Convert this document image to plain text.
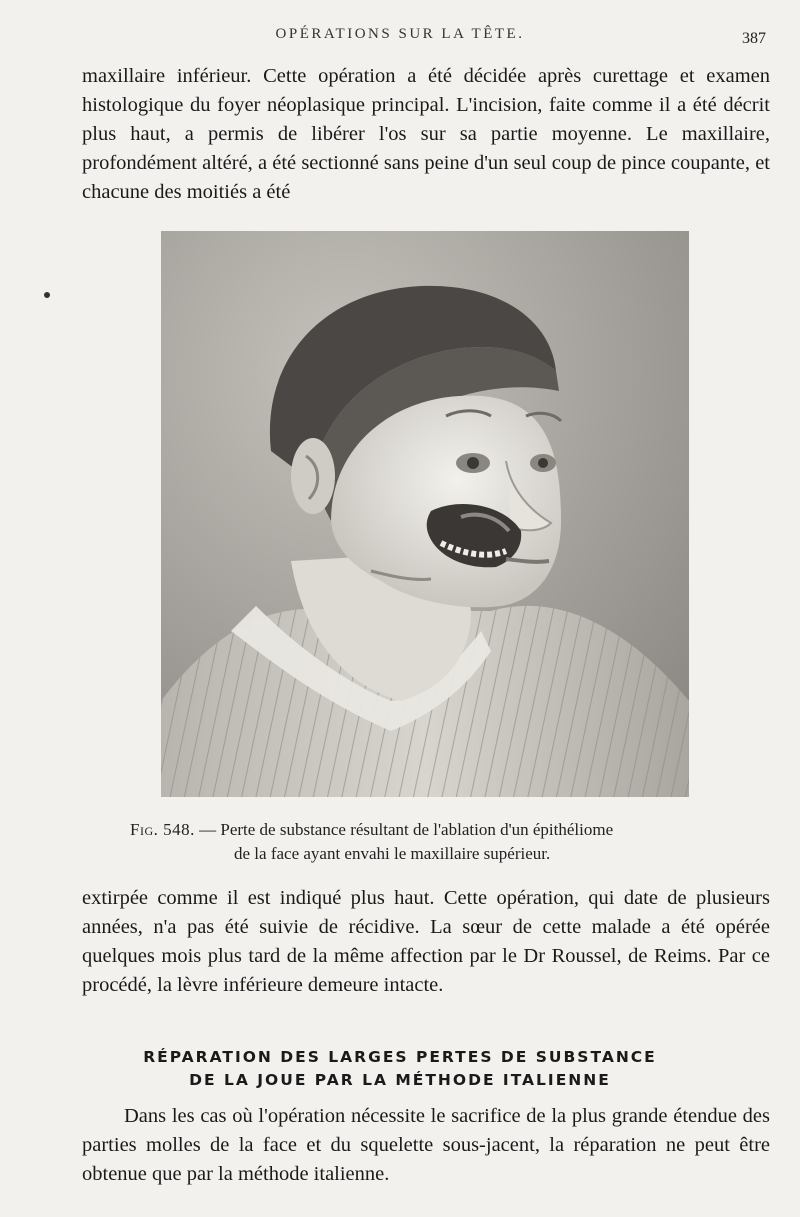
OPÉRATIONS SUR LA TÊTE.	387

maxillaire inférieur. Cette opération a été décidée après curettage et examen histologique du foyer néoplasique principal. L'incision, faite comme il a été décrit plus haut, a permis de libérer l'os sur sa partie moyenne. Le maxillaire, profondément altéré, a été sectionné sans peine d'un seul coup de pince coupante, et chacune des moitiés a été

Fig. 548. — Perte de substance résultant de l'ablation d'un épithéliome
de la face ayant envahi le maxillaire supérieur.

extirpée comme il est indiqué plus haut. Cette opération, qui date de plusieurs années, n'a pas été suivie de récidive. La sœur de cette malade a été opérée quelques mois plus tard de la même affection par le Dr Roussel, de Reims. Par ce procédé, la lèvre inférieure demeure intacte.

RÉPARATION DES LARGES PERTES DE SUBSTANCE
DE LA JOUE PAR LA MÉTHODE ITALIENNE

Dans les cas où l'opération nécessite le sacrifice de la plus grande étendue des parties molles de la face et du squelette sous-jacent, la réparation ne peut être obtenue que par la méthode italienne.
